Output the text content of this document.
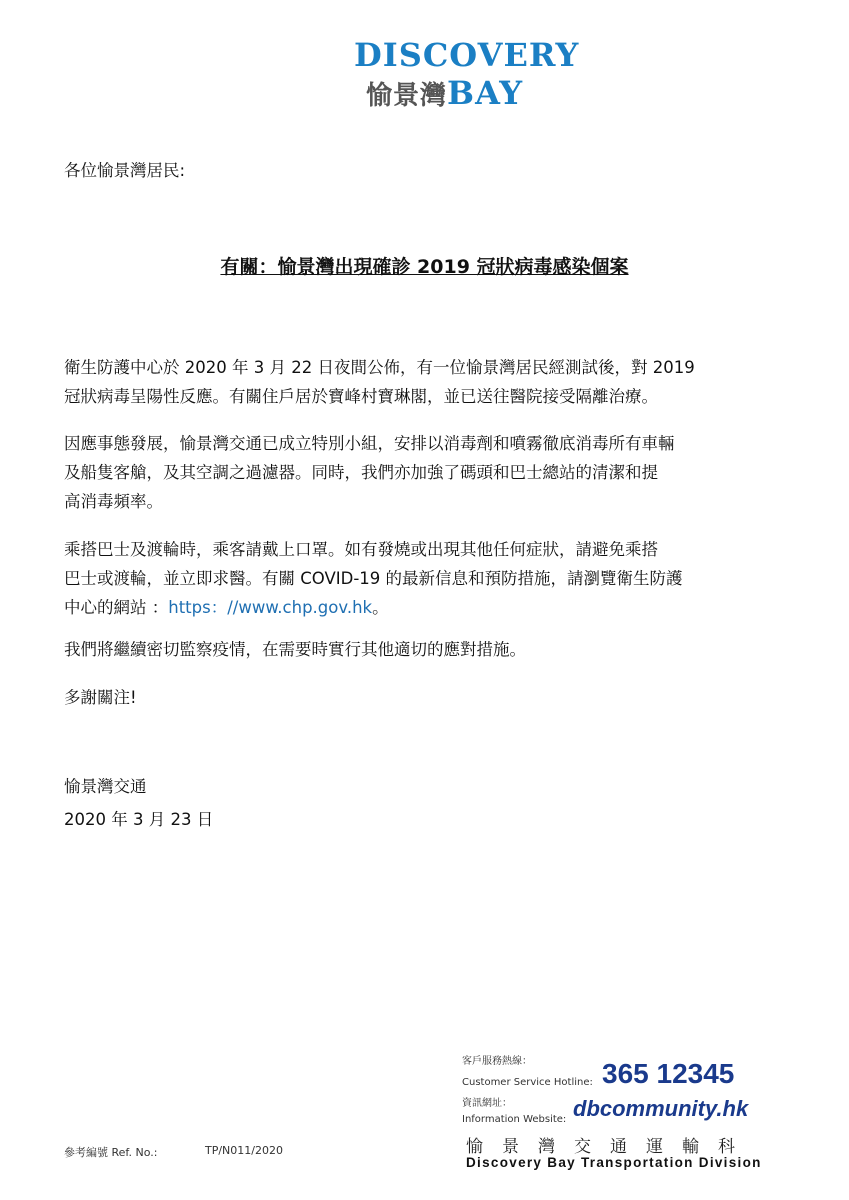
DISCOVERY
愉景灣BAY
各位愉景灣居民:
有關：愉景灣出現確診 2019 冠狀病毒感染個案
衛生防護中心於 2020 年 3 月 22 日夜間公佈，有一位愉景灣居民經測試後，對 2019
冠狀病毒呈陽性反應。有關住戶居於寶峰村寶琳閣，並已送往醫院接受隔離治療。
因應事態發展，愉景灣交通已成立特別小組，安排以消毒劑和噴霧徹底消毒所有車輛
及船隻客艙，及其空調之過濾器。同時，我們亦加強了碼頭和巴士總站的清潔和提
高消毒頻率。
乘搭巴士及渡輪時，乘客請戴上口罩。如有發燒或出現其他任何症狀，請避免乘搭
巴士或渡輪，並立即求醫。有關 COVID-19 的最新信息和預防措施，請瀏覽衛生防護
中心的網站 ：https：//www.chp.gov.hk。
我們將繼續密切監察疫情，在需要時實行其他適切的應對措施。
多謝關注!
愉景灣交通
2020 年 3 月 23 日
參考編號 Ref. No.:	TP/N011/2020
客戶服務熱線：
Customer Service Hotline: 365 12345
資訊網址：
Information Website: dbcommunity.hk
愉景灣交通運輸科
Discovery Bay Transportation Division
